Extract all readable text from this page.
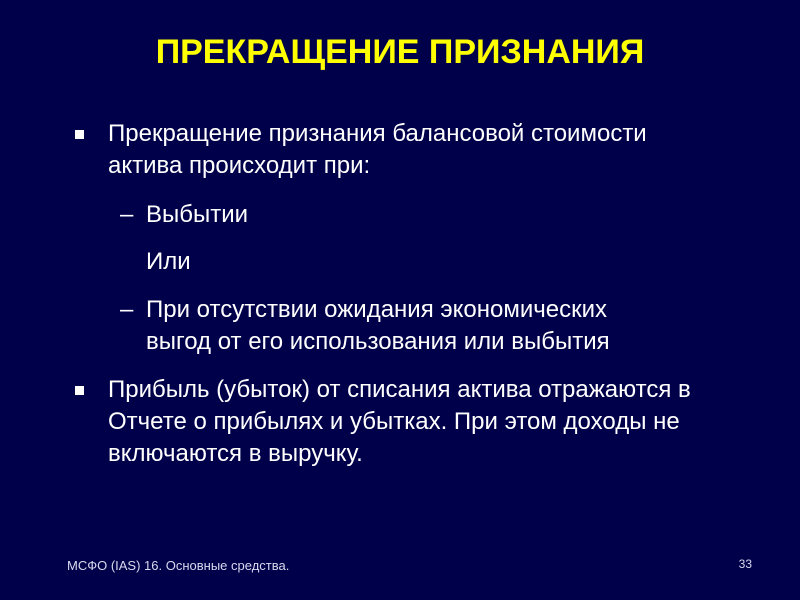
ПРЕКРАЩЕНИЕ ПРИЗНАНИЯ

Прекращение признания балансовой стоимости актива происходит при:

– Выбытии

Или

– При отсутствии ожидания экономических выгод от его использования или выбытия

Прибыль (убыток) от списания актива отражаются в Отчете о прибылях и убытках. При этом доходы не включаются в выручку.

МСФО (IAS) 16. Основные средства.	33
